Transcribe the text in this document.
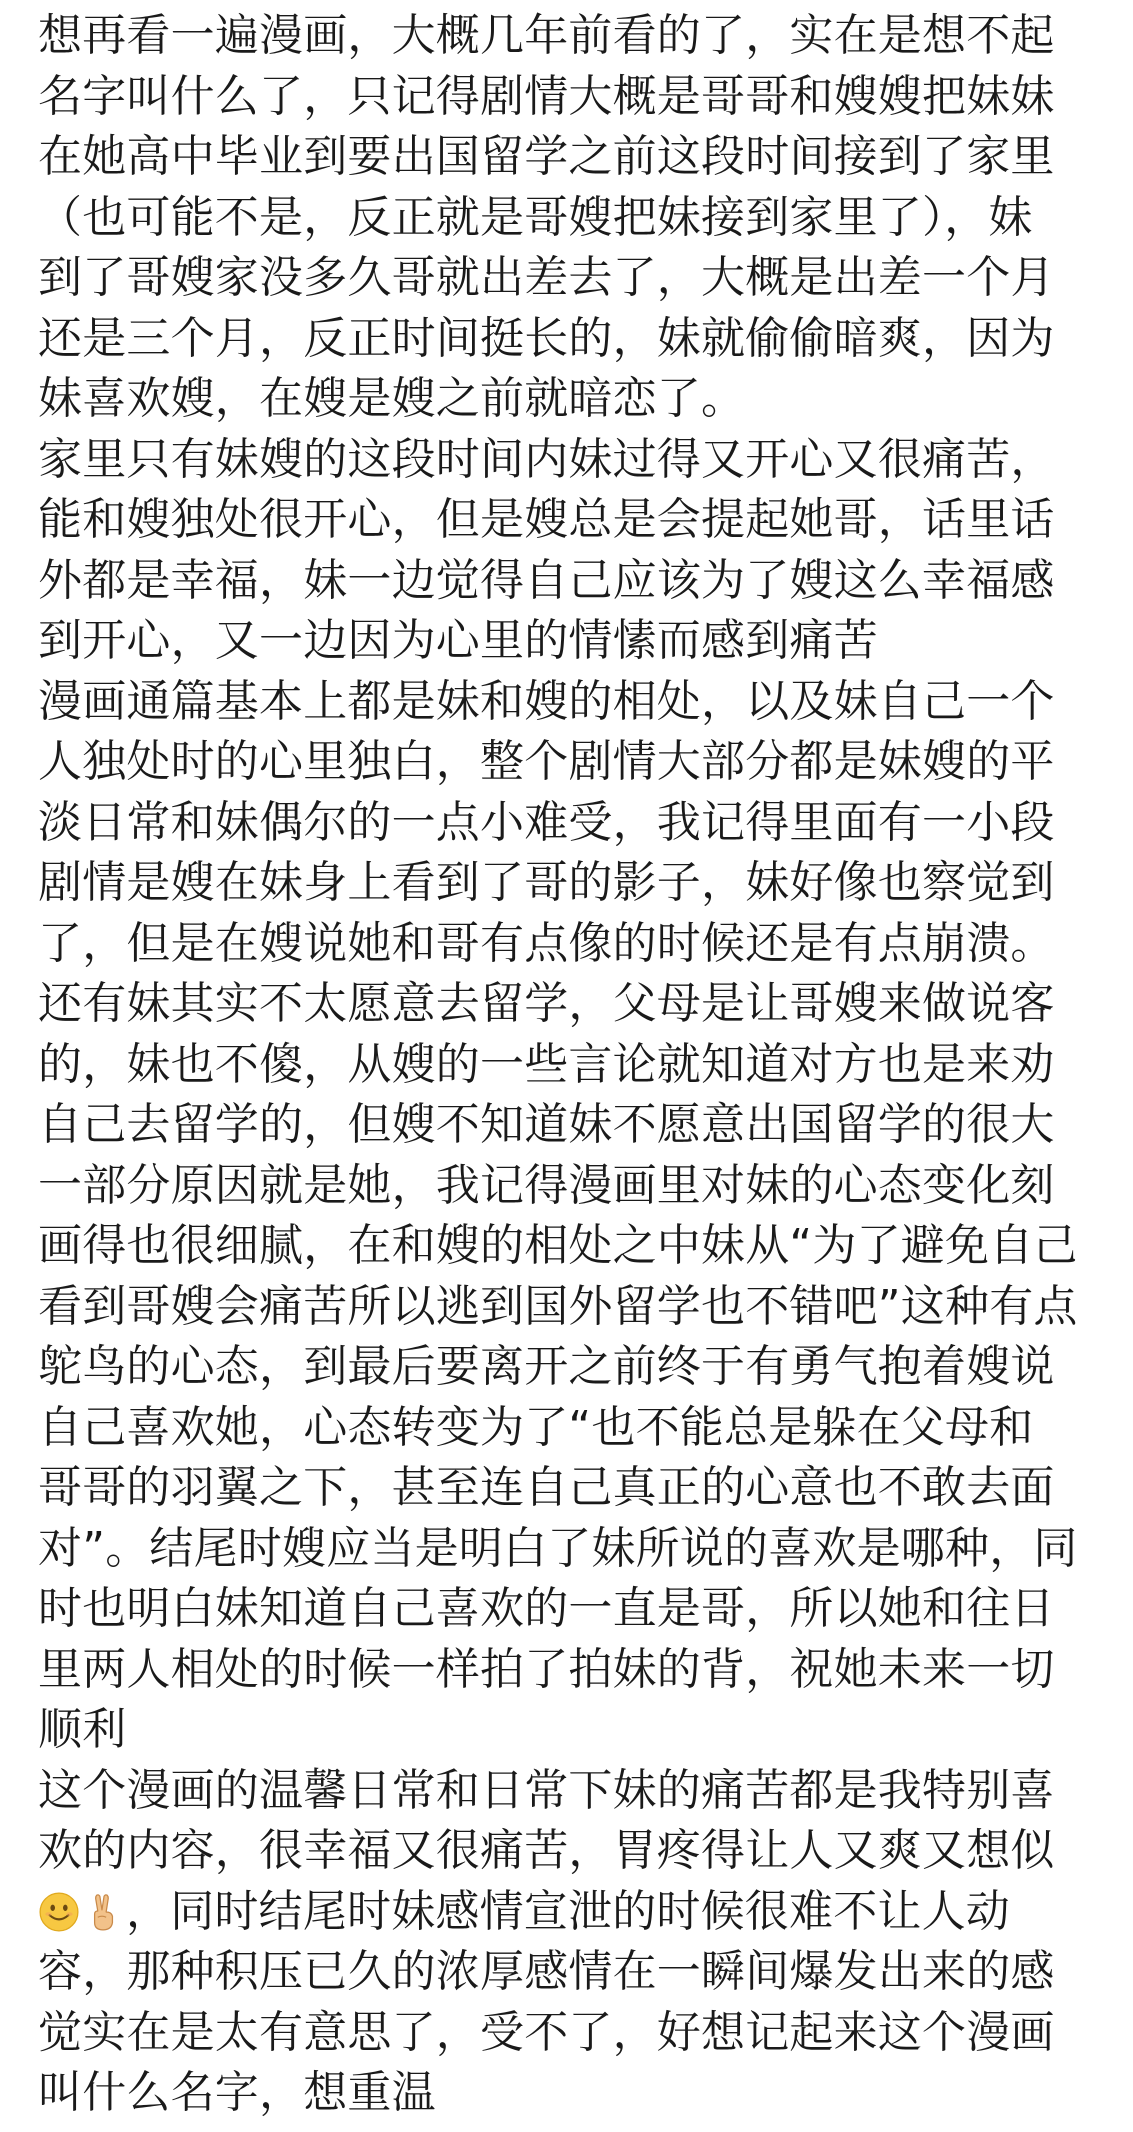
想再看一遍漫画，大概几年前看的了，实在是想不起
名字叫什么了，只记得剧情大概是哥哥和嫂嫂把妹妹
在她高中毕业到要出国留学之前这段时间接到了家里
（也可能不是，反正就是哥嫂把妹接到家里了），妹
到了哥嫂家没多久哥就出差去了，大概是出差一个月
还是三个月，反正时间挺长的，妹就偷偷暗爽，因为
妹喜欢嫂，在嫂是嫂之前就暗恋了。
家里只有妹嫂的这段时间内妹过得又开心又很痛苦，
能和嫂独处很开心，但是嫂总是会提起她哥，话里话
外都是幸福，妹一边觉得自己应该为了嫂这么幸福感
到开心，又一边因为心里的情愫而感到痛苦
漫画通篇基本上都是妹和嫂的相处，以及妹自己一个
人独处时的心里独白，整个剧情大部分都是妹嫂的平
淡日常和妹偶尔的一点小难受，我记得里面有一小段
剧情是嫂在妹身上看到了哥的影子，妹好像也察觉到
了，但是在嫂说她和哥有点像的时候还是有点崩溃。
还有妹其实不太愿意去留学，父母是让哥嫂来做说客
的，妹也不傻，从嫂的一些言论就知道对方也是来劝
自己去留学的，但嫂不知道妹不愿意出国留学的很大
一部分原因就是她，我记得漫画里对妹的心态变化刻
画得也很细腻，在和嫂的相处之中妹从“为了避免自己
看到哥嫂会痛苦所以逃到国外留学也不错吧”这种有点
鸵鸟的心态，到最后要离开之前终于有勇气抱着嫂说
自己喜欢她，心态转变为了“也不能总是躲在父母和
哥哥的羽翼之下，甚至连自己真正的心意也不敢去面
对”。结尾时嫂应当是明白了妹所说的喜欢是哪种，同
时也明白妹知道自己喜欢的一直是哥，所以她和往日
里两人相处的时候一样拍了拍妹的背，祝她未来一切
顺利
这个漫画的温馨日常和日常下妹的痛苦都是我特别喜
欢的内容，很幸福又很痛苦，胃疼得让人又爽又想似
，同时结尾时妹感情宣泄的时候很难不让人动
容，那种积压已久的浓厚感情在一瞬间爆发出来的感
觉实在是太有意思了，受不了，好想记起来这个漫画
叫什么名字，想重温
